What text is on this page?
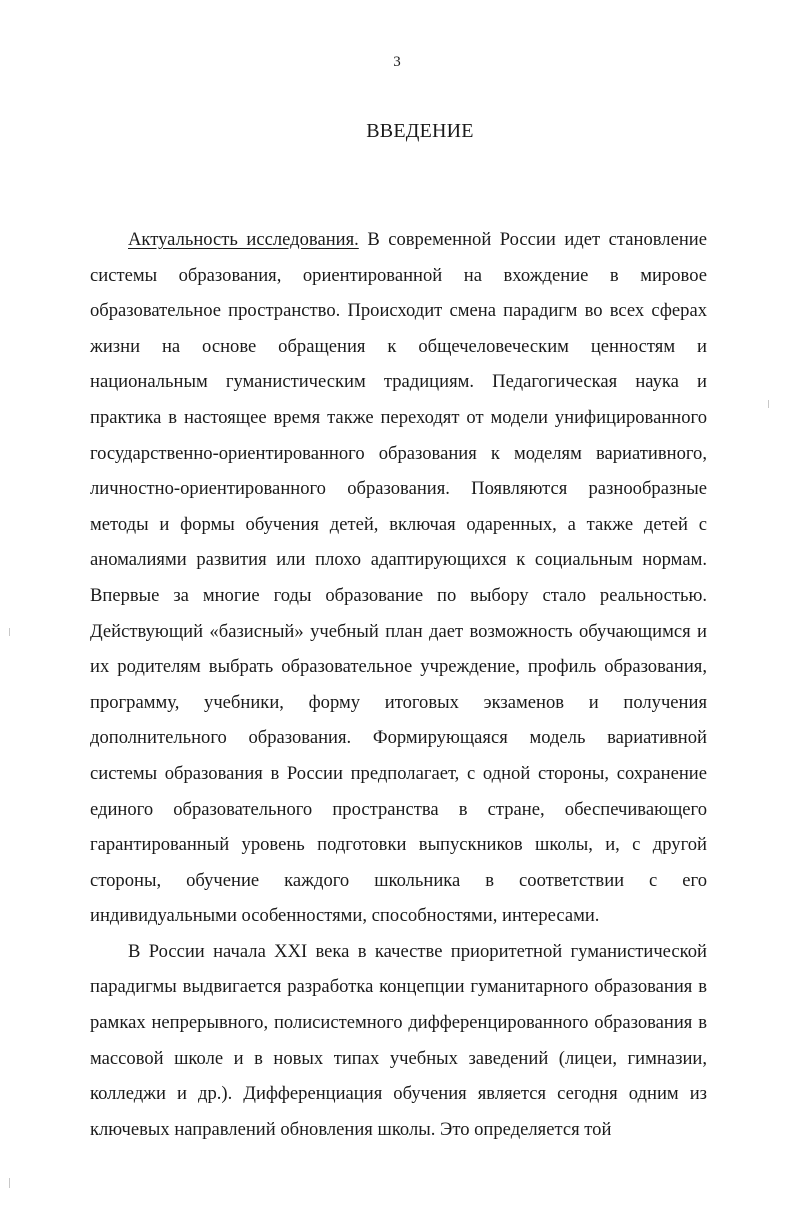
3
ВВЕДЕНИЕ

Актуальность исследования. В современной России идет становление системы образования, ориентированной на вхождение в мировое образовательное пространство. Происходит смена парадигм во всех сферах жизни на основе обращения к общечеловеческим ценностям и национальным гуманистическим традициям. Педагогическая наука и практика в настоящее время также переходят от модели унифицированного государственно-ориентированного образования к моделям вариативного, личностно-ориентированного образования. Появляются разнообразные методы и формы обучения детей, включая одаренных, а также детей с аномалиями развития или плохо адаптирующихся к социальным нормам. Впервые за многие годы образование по выбору стало реальностью. Действующий «базисный» учебный план дает возможность обучающимся и их родителям выбрать образовательное учреждение, профиль образования, программу, учебники, форму итоговых экзаменов и получения дополнительного образования. Формирующаяся модель вариативной системы образования в России предполагает, с одной стороны, сохранение единого образовательного пространства в стране, обеспечивающего гарантированный уровень подготовки выпускников школы, и, с другой стороны, обучение каждого школьника в соответствии с его индивидуальными особенностями, способностями, интересами.

В России начала XXI века в качестве приоритетной гуманистической парадигмы выдвигается разработка концепции гуманитарного образования в рамках непрерывного, полисистемного дифференцированного образования в массовой школе и в новых типах учебных заведений (лицеи, гимназии, колледжи и др.). Дифференциация обучения является сегодня одним из ключевых направлений обновления школы. Это определяется той
